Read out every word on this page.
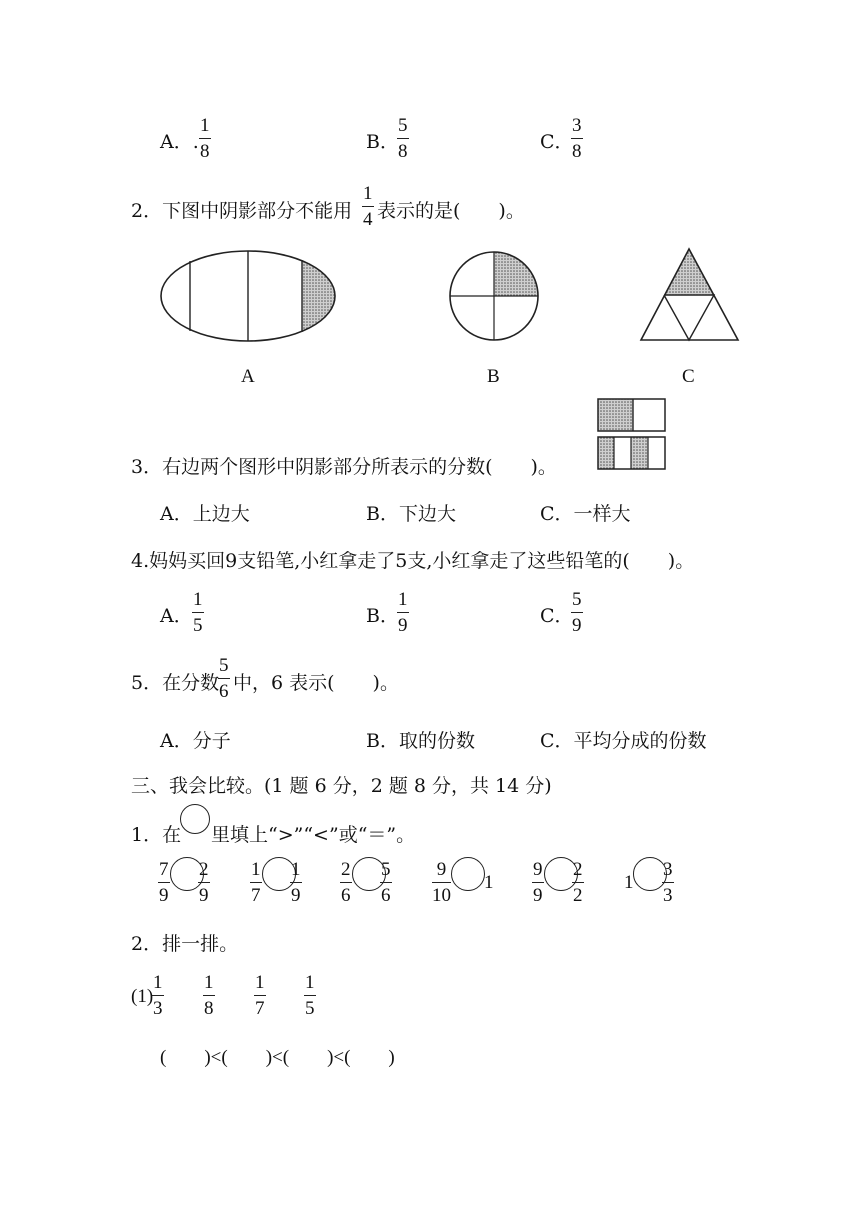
A．. $\frac{1}{8}$	B．
$\frac{5}{8}$	C．
$\frac{3}{8}$
2．下图中阴影部分不能用 $\frac{1}{4}$ 表示的是(　　)。
A	B	C
3．右边两个图形中阴影部分所表示的分数(　　)。
A．上边大	B．下边大	C．一样大
4.妈妈买回9支铅笔,小红拿走了5支,小红拿走了这些铅笔的(　　)。
A． $\frac{1}{5}$	B．
$\frac{1}{9}$	C．
$\frac{5}{9}$
5．在分数
$\frac{5}{6}$ 中，6 表示(　　)。
A．分子	B．取的份数	C．平均分成的份数
三、我会比较。(1 题 6 分，2 题 8 分，共 14 分)
1．在 里填上“>”“<”或“＝”。
$\frac{7}{9} \frac{2}{9} \frac{1}{7} \frac{1}{9} \frac{2}{6} \frac{5}{6} \frac{9}{10} 1 \frac{9}{9} \frac{2}{2} 1 \frac{3}{3}$
2．排一排。
(1)
$\frac{1}{3} \frac{1}{8} \frac{1}{7} \frac{1}{5}$
(　　)<(　　)<(　　)<(　　)
